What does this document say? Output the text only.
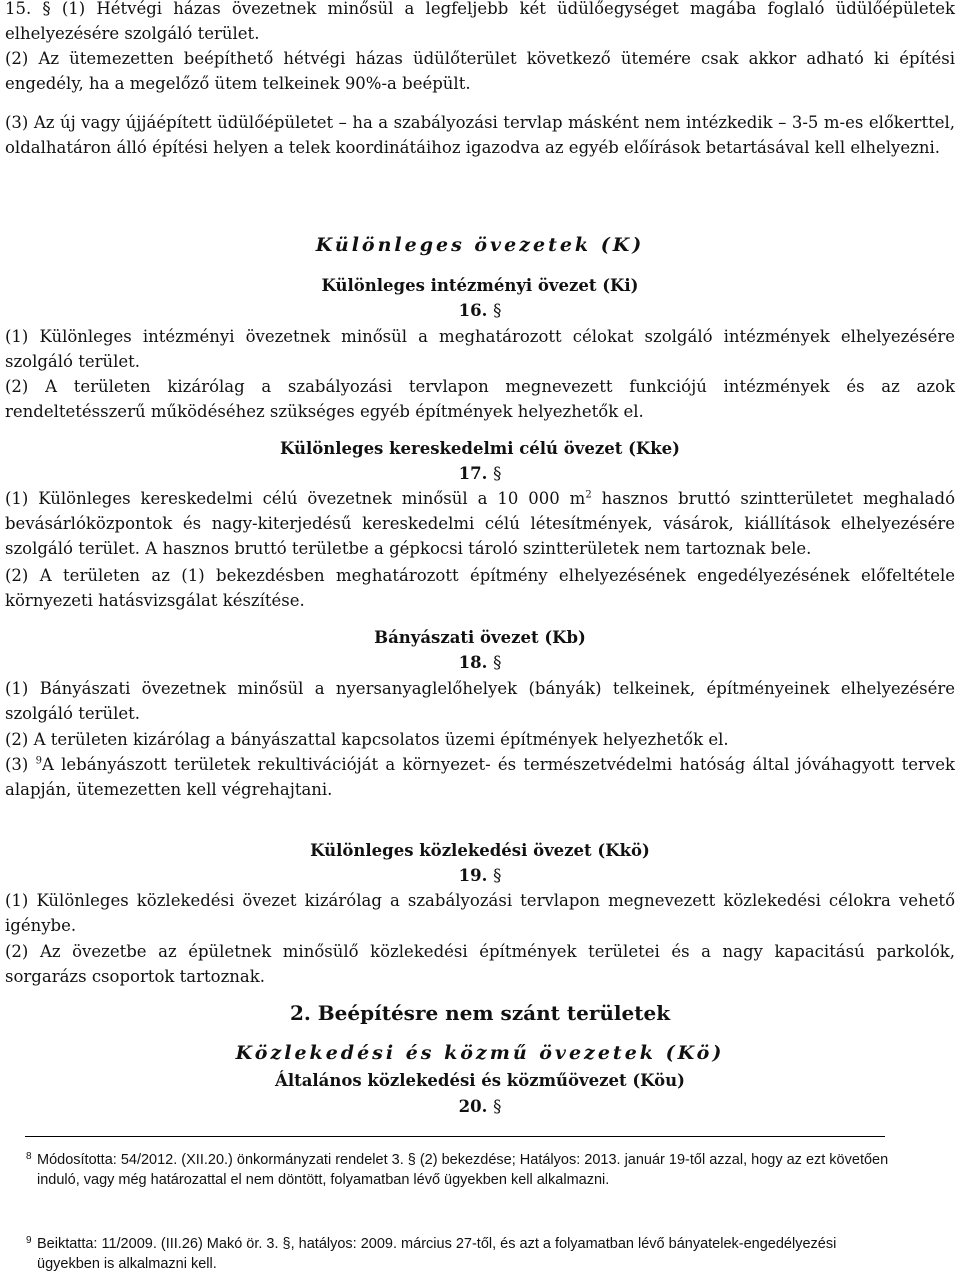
15. § (1) Hétvégi házas övezetnek minősül a legfeljebb két üdülőegységet magába foglaló üdülőépületek elhelyezésére szolgáló terület.
(2) Az ütemezetten beépíthető hétvégi házas üdülőterület következő ütemére csak akkor adható ki építési engedély, ha a megelőző ütem telkeinek 90%-a beépült.
(3) Az új vagy újjáépített üdülőépületet – ha a szabályozási tervlap másként nem intézkedik – 3-5 m-es előkerttel, oldalhatáron álló építési helyen a telek koordinátáihoz igazodva az egyéb előírások betartásával kell elhelyezni.
Különleges övezetek (K)
Különleges intézményi övezet (Ki)
16. §
(1) Különleges intézményi övezetnek minősül a meghatározott célokat szolgáló intézmények elhelyezésére szolgáló terület.
(2) A területen kizárólag a szabályozási tervlapon megnevezett funkciójú intézmények és az azok rendeltetésszerű működéséhez szükséges egyéb építmények helyezhetők el.
Különleges kereskedelmi célú övezet (Kke)
17. §
(1) Különleges kereskedelmi célú övezetnek minősül a 10 000 $m^2$ hasznos bruttó szintterületet meghaladó bevásárlóközpontok és nagy-kiterjedésű kereskedelmi célú létesítmények, vásárok, kiállítások elhelyezésére szolgáló terület. A hasznos bruttó területbe a gépkocsi tároló szintterületek nem tartoznak bele.
(2) A területen az (1) bekezdésben meghatározott építmény elhelyezésének engedélyezésének előfeltétele környezeti hatásvizsgálat készítése.
Bányászati övezet (Kb)
18. §
(1) Bányászati övezetnek minősül a nyersanyaglelőhelyek (bányák) telkeinek, építményeinek elhelyezésére szolgáló terület.
(2) A területen kizárólag a bányászattal kapcsolatos üzemi építmények helyezhetők el.
(3) $^9$A lebányászott területek rekultivációját a környezet- és természetvédelmi hatóság által jóváhagyott tervek alapján, ütemezetten kell végrehajtani.
Különleges közlekedési övezet (Kkö)
19. §
(1) Különleges közlekedési övezet kizárólag a szabályozási tervlapon megnevezett közlekedési célokra vehető igénybe.
(2) Az övezetbe az épületnek minősülő közlekedési építmények területei és a nagy kapacitású parkolók, sorgarázs csoportok tartoznak.
2. Beépítésre nem szánt területek
Közlekedési és közmű övezetek (Kö)
Általános közlekedési és közműövezet (Köu)
20. §
$^8$ Módosította: 54/2012. (XII.20.) önkormányzati rendelet 3. § (2) bekezdése; Hatályos: 2013. január 19-től azzal, hogy az ezt követően induló, vagy még határozattal el nem döntött, folyamatban lévő ügyekben kell alkalmazni.
$^9$ Beiktatta: 11/2009. (III.26) Makó ör. 3. §, hatályos: 2009. március 27-től, és azt a folyamatban lévő bányatelek-engedélyezési ügyekben is alkalmazni kell.
